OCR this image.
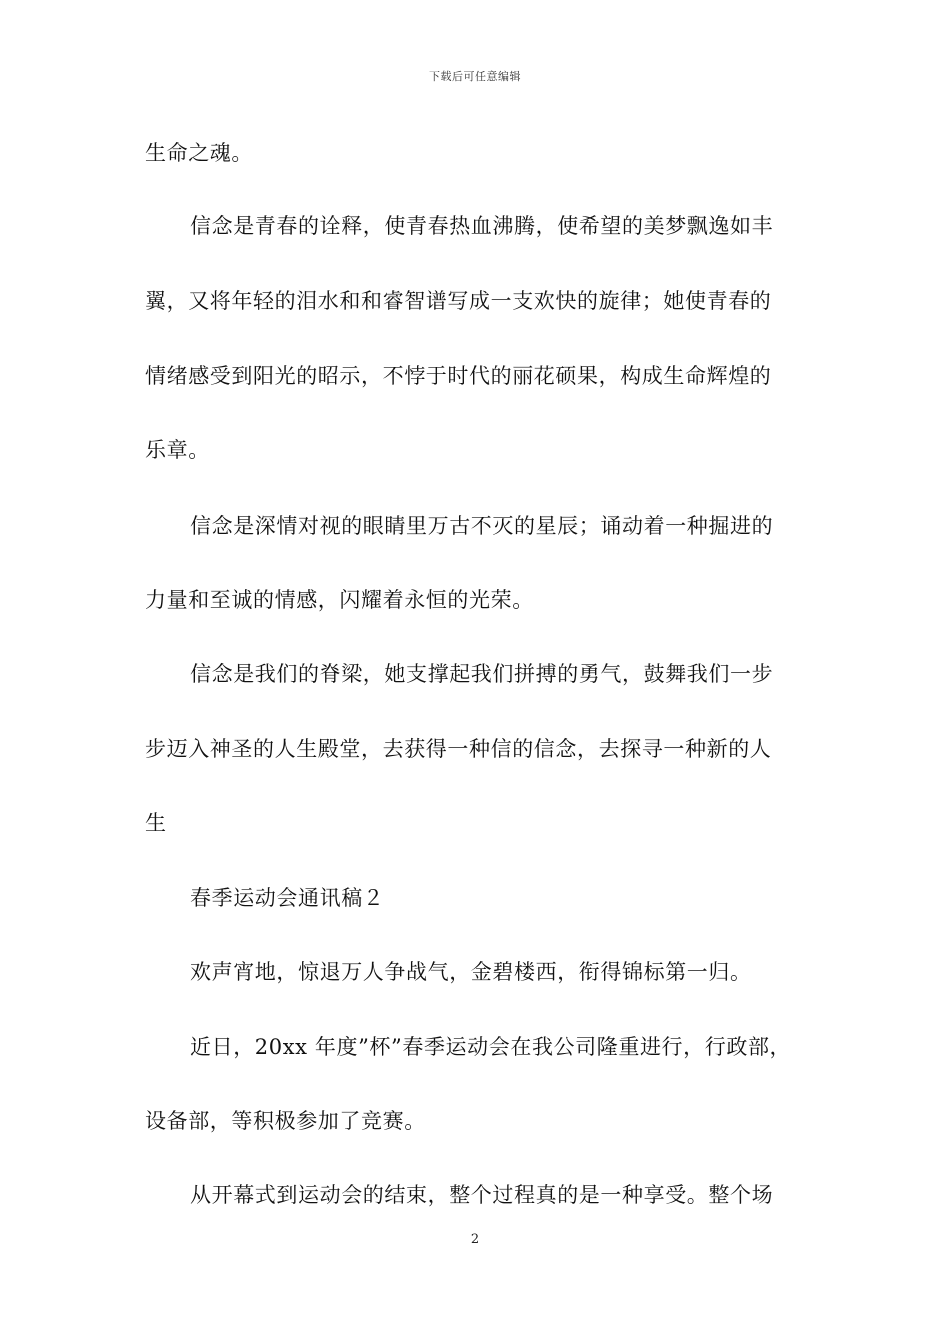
下载后可任意编辑
生命之魂。
信念是青春的诠释，使青春热血沸腾，使希望的美梦飘逸如丰
翼，又将年轻的泪水和和睿智谱写成一支欢快的旋律；她使青春的
情绪感受到阳光的昭示，不悖于时代的丽花硕果，构成生命辉煌的
乐章。
信念是深情对视的眼睛里万古不灭的星辰；诵动着一种掘进的
力量和至诚的情感，闪耀着永恒的光荣。
信念是我们的脊梁，她支撑起我们拼搏的勇气，鼓舞我们一步
步迈入神圣的人生殿堂，去获得一种信的信念，去探寻一种新的人
生
春季运动会通讯稿２
欢声宵地，惊退万人争战气，金碧楼西，衔得锦标第一归。
近日，20xx 年度”杯”春季运动会在我公司隆重进行，行政部，
设备部，等积极参加了竞赛。
从开幕式到运动会的结束，整个过程真的是一种享受。整个场
2
